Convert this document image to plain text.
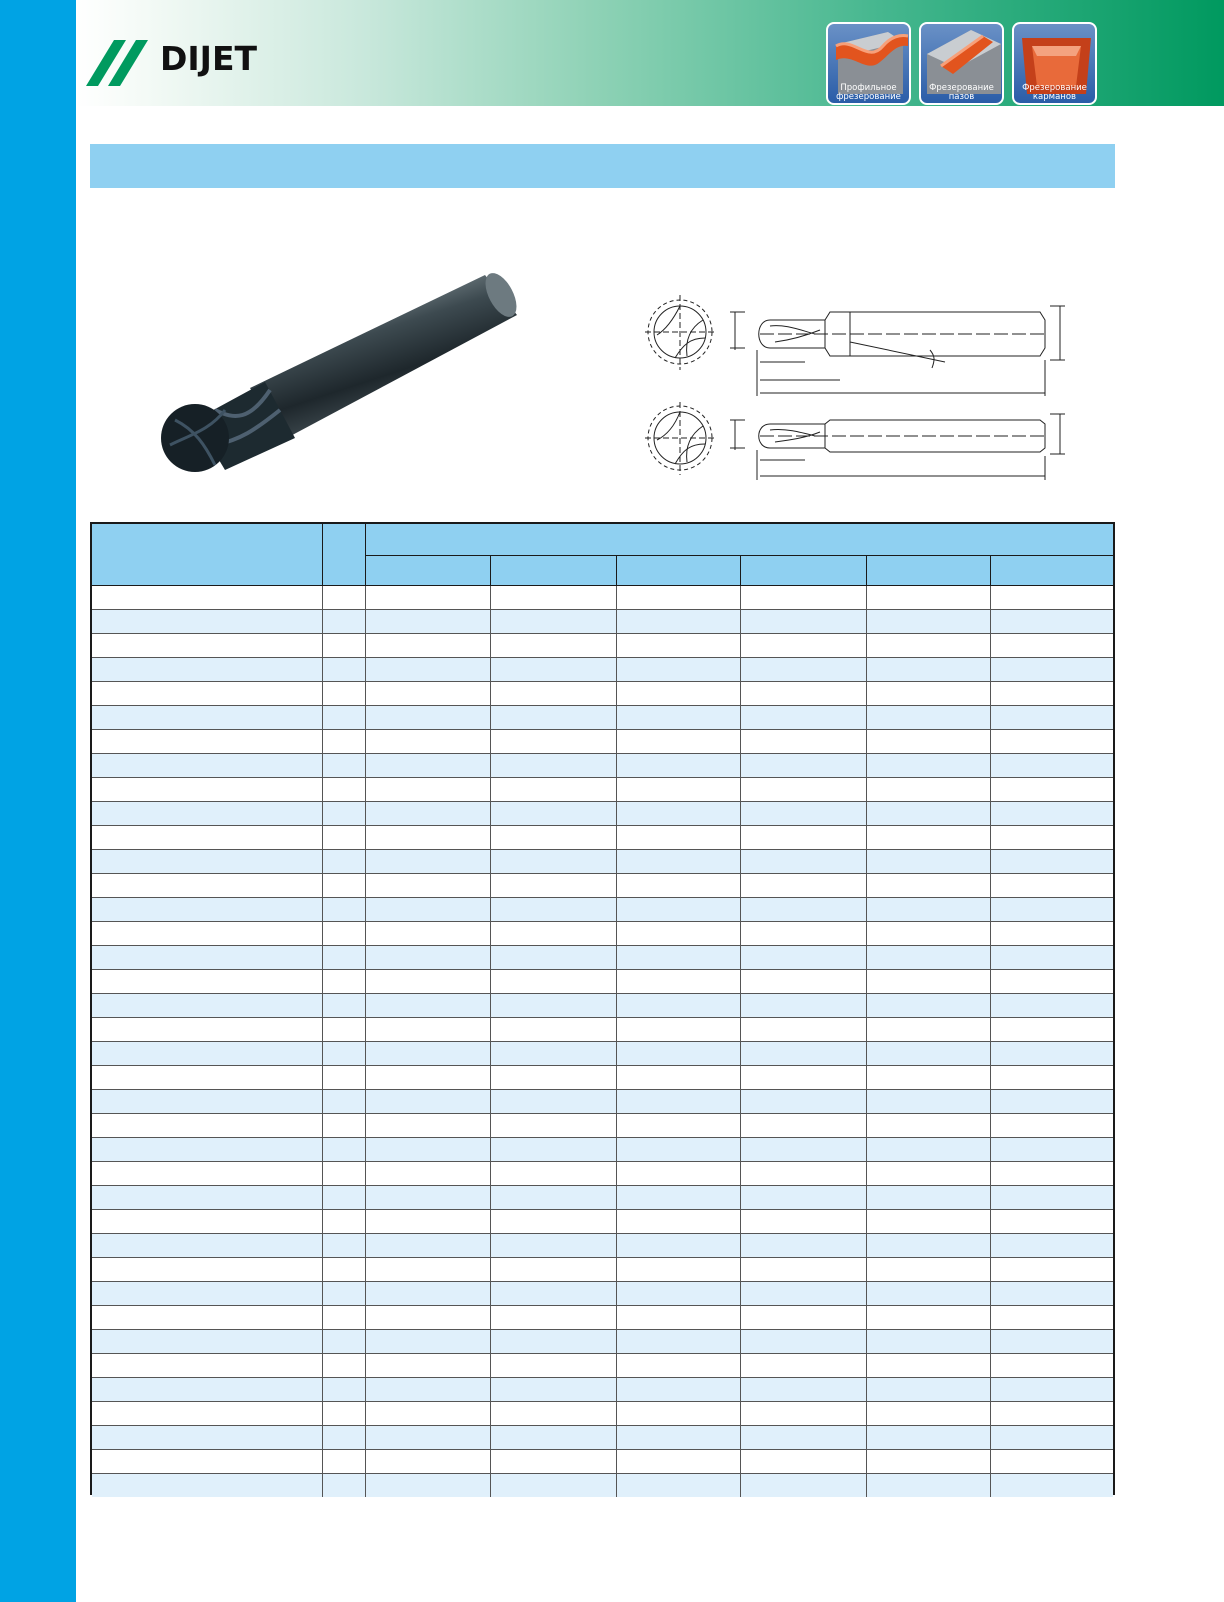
DIJET
Профильное
фрезерование
Фрезерование
пазов
Фрезерование
карманов
